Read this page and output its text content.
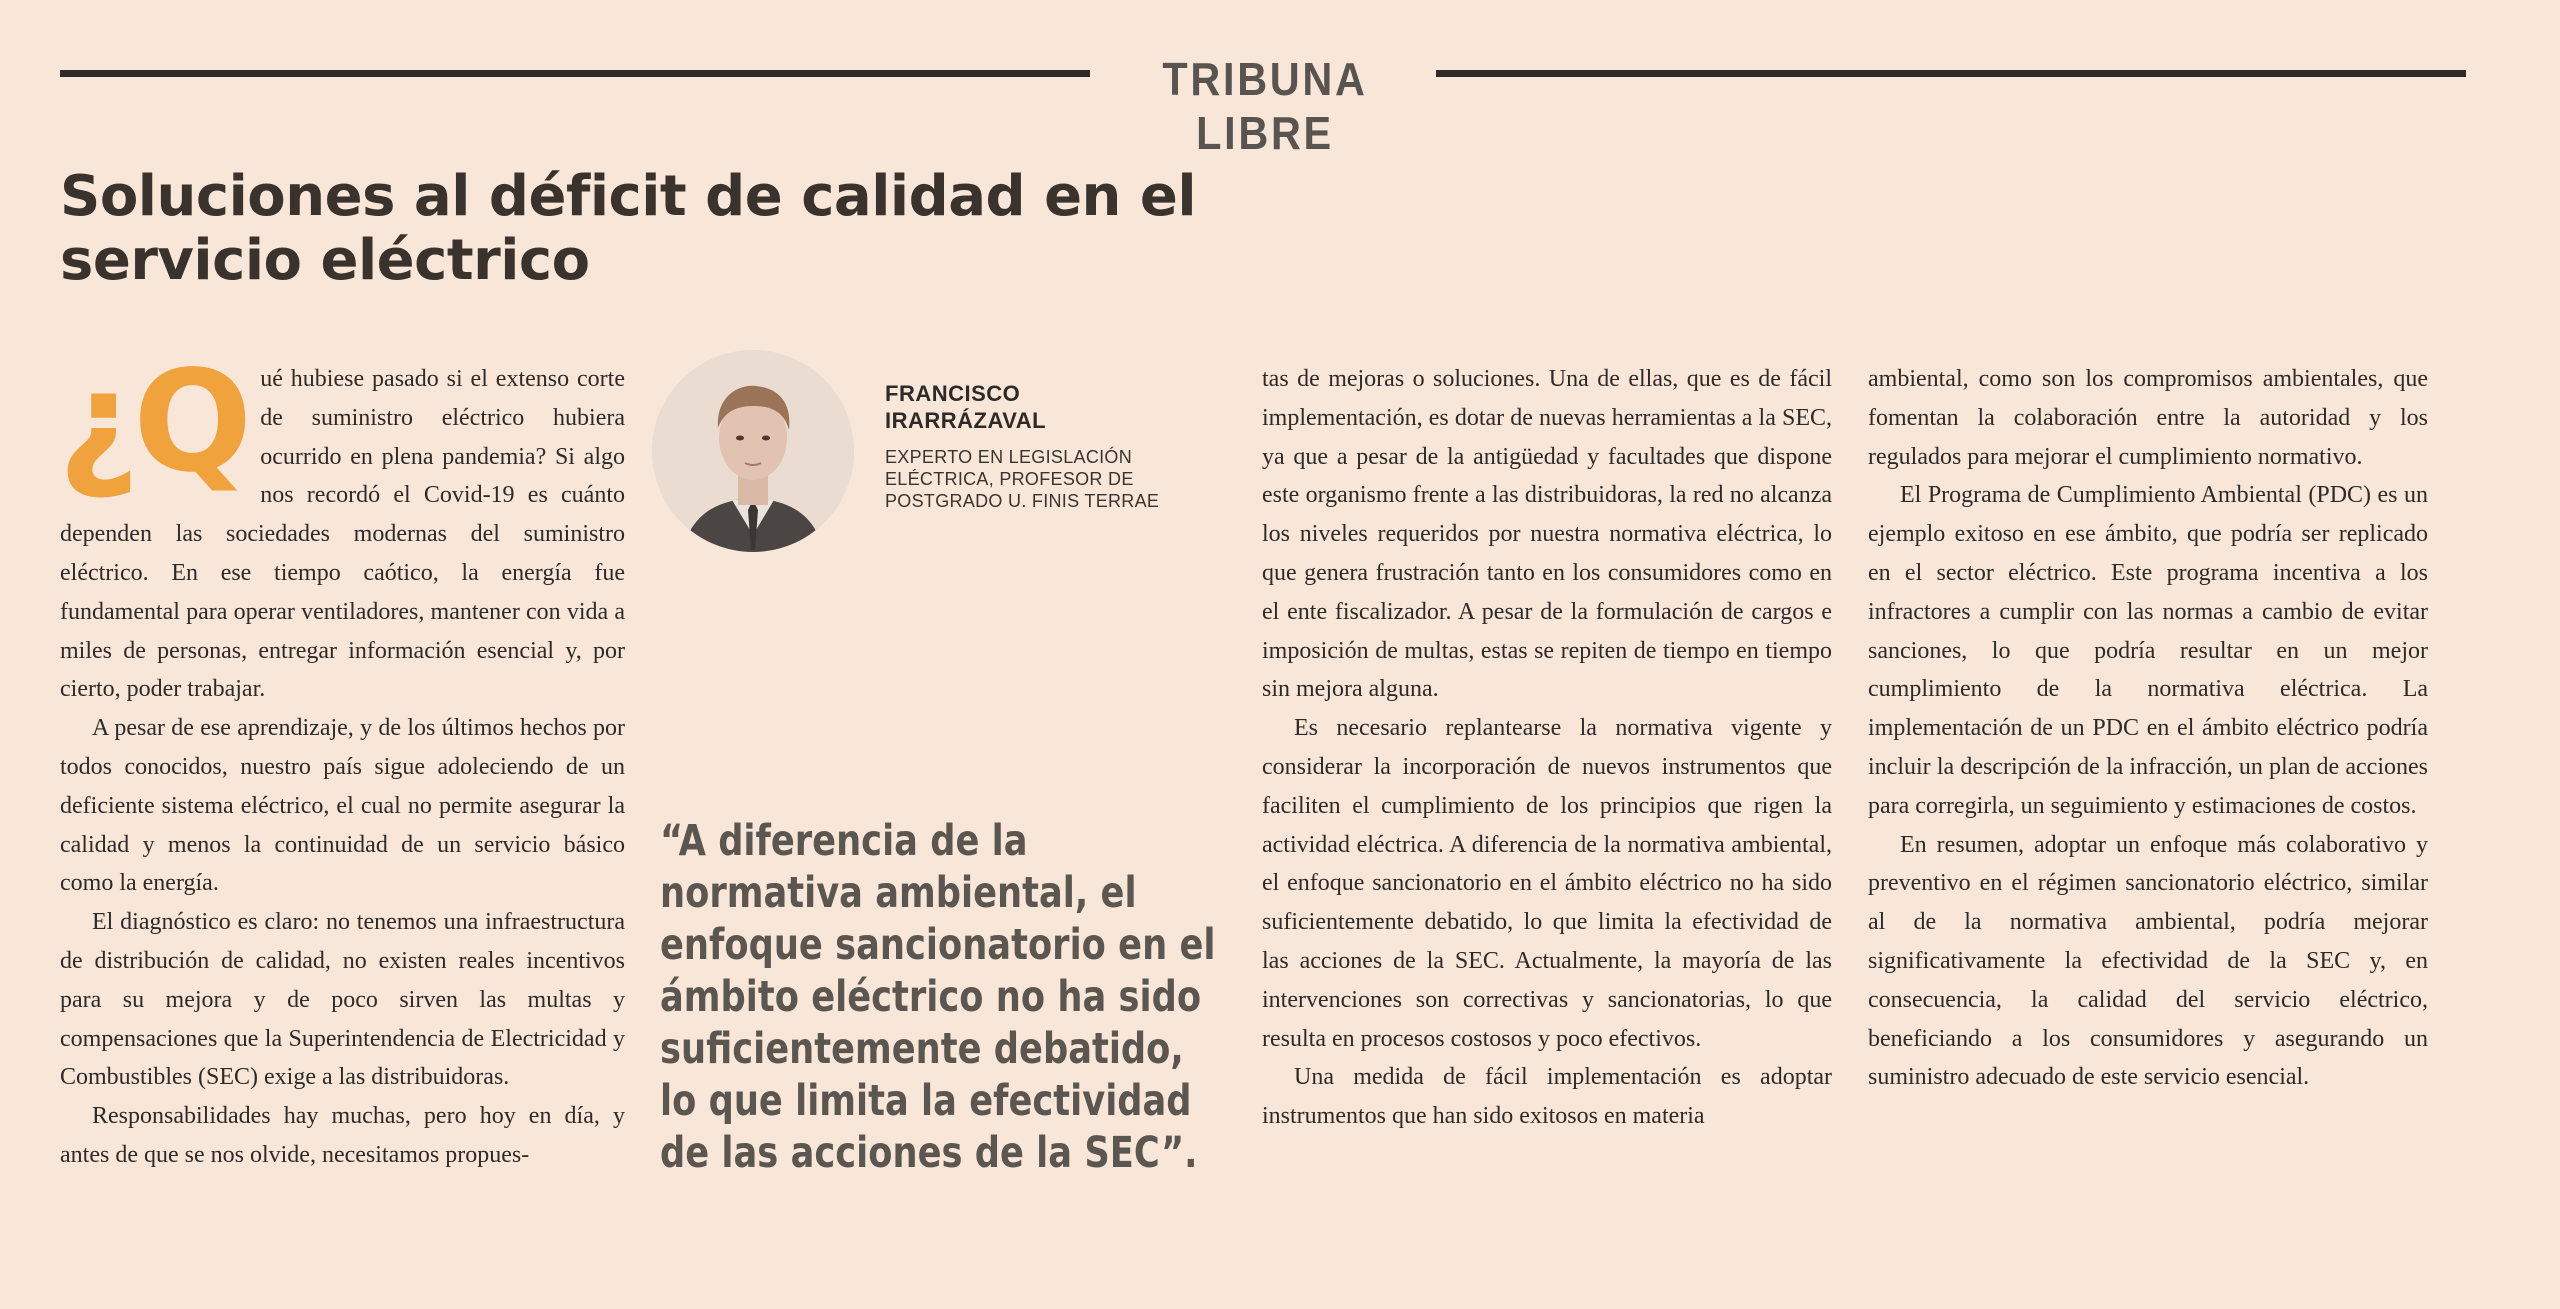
TRIBUNA LIBRE
Soluciones al déficit de calidad en el servicio eléctrico
FRANCISCO IRARRÁZAVAL
EXPERTO EN LEGISLACIÓN ELÉCTRICA, PROFESOR DE POSTGRADO U. FINIS TERRAE

¿Q ué hubiese pasado si el extenso corte de suministro eléctrico hubiera ocurrido en plena pandemia? Si algo nos recordó el Covid-19 es cuánto dependen las sociedades modernas del suministro eléctrico. En ese tiempo caótico, la energía fue fundamental para operar ventiladores, mantener con vida a miles de personas, entregar información esencial y, por cierto, poder trabajar.

A pesar de ese aprendizaje, y de los últimos hechos por todos conocidos, nuestro país sigue adoleciendo de un deficiente sistema eléctrico, el cual no permite asegurar la calidad y menos la continuidad de un servicio básico como la energía.

El diagnóstico es claro: no tenemos una infraestructura de distribución de calidad, no existen reales incentivos para su mejora y de poco sirven las multas y compensaciones que la Superintendencia de Electricidad y Combustibles (SEC) exige a las distribuidoras.

Responsabilidades hay muchas, pero hoy en día, y antes de que se nos olvide, necesitamos propues-

“A diferencia de la normativa ambiental, el enfoque sancionatorio en el ámbito eléctrico no ha sido suficientemente debatido, lo que limita la efectividad de las acciones de la SEC”.

tas de mejoras o soluciones. Una de ellas, que es de fácil implementación, es dotar de nuevas herramientas a la SEC, ya que a pesar de la antigüedad y facultades que dispone este organismo frente a las distribuidoras, la red no alcanza los niveles requeridos por nuestra normativa eléctrica, lo que genera frustración tanto en los consumidores como en el ente fiscalizador. A pesar de la formulación de cargos e imposición de multas, estas se repiten de tiempo en tiempo sin mejora alguna.

Es necesario replantearse la normativa vigente y considerar la incorporación de nuevos instrumentos que faciliten el cumplimiento de los principios que rigen la actividad eléctrica. A diferencia de la normativa ambiental, el enfoque sancionatorio en el ámbito eléctrico no ha sido suficientemente debatido, lo que limita la efectividad de las acciones de la SEC. Actualmente, la mayoría de las intervenciones son correctivas y sancionatorias, lo que resulta en procesos costosos y poco efectivos.

Una medida de fácil implementación es adoptar instrumentos que han sido exitosos en materia

ambiental, como son los compromisos ambientales, que fomentan la colaboración entre la autoridad y los regulados para mejorar el cumplimiento normativo.

El Programa de Cumplimiento Ambiental (PDC) es un ejemplo exitoso en ese ámbito, que podría ser replicado en el sector eléctrico. Este programa incentiva a los infractores a cumplir con las normas a cambio de evitar sanciones, lo que podría resultar en un mejor cumplimiento de la normativa eléctrica. La implementación de un PDC en el ámbito eléctrico podría incluir la descripción de la infracción, un plan de acciones para corregirla, un seguimiento y estimaciones de costos.

En resumen, adoptar un enfoque más colaborativo y preventivo en el régimen sancionatorio eléctrico, similar al de la normativa ambiental, podría mejorar significativamente la efectividad de la SEC y, en consecuencia, la calidad del servicio eléctrico, beneficiando a los consumidores y asegurando un suministro adecuado de este servicio esencial.
